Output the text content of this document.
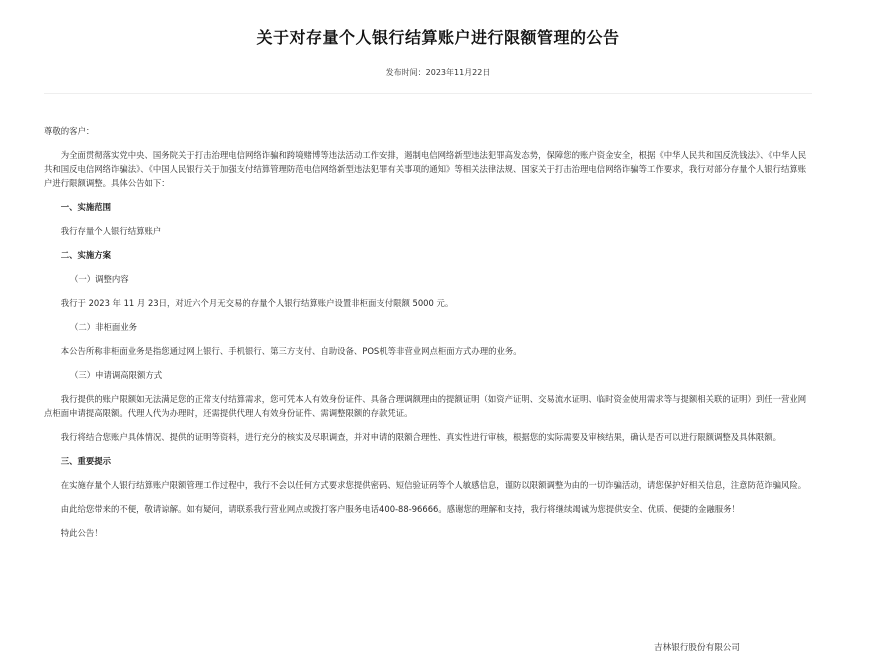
关于对存量个人银行结算账户进行限额管理的公告
发布时间：2023年11月22日

尊敬的客户：

为全面贯彻落实党中央、国务院关于打击治理电信网络诈骗和跨境赌博等违法活动工作安排，遏制电信网络新型违法犯罪高发态势，保障您的账户资金安全，根据《中华人民共和国反洗钱法》、《中华人民共和国反电信网络诈骗法》、《中国人民银行关于加强支付结算管理防范电信网络新型违法犯罪有关事项的通知》等相关法律法规、国家关于打击治理电信网络诈骗等工作要求，我行对部分存量个人银行结算账户进行限额调整。具体公告如下：

一、实施范围

我行存量个人银行结算账户

二、实施方案

（一）调整内容

我行于 2023 年 11 月 23日，对近六个月无交易的存量个人银行结算账户设置非柜面支付限额 5000 元。

（二）非柜面业务

本公告所称非柜面业务是指您通过网上银行、手机银行、第三方支付、自助设备、POS机等非营业网点柜面方式办理的业务。

（三）申请调高限额方式

我行提供的账户限额如无法满足您的正常支付结算需求，您可凭本人有效身份证件、具备合理调额理由的提额证明（如资产证明、交易流水证明、临时资金使用需求等与提额相关联的证明）到任一营业网点柜面申请提高限额。代理人代为办理时，还需提供代理人有效身份证件、需调整限额的存款凭证。

我行将结合您账户具体情况、提供的证明等资料，进行充分的核实及尽职调查，并对申请的限额合理性、真实性进行审核，根据您的实际需要及审核结果，确认是否可以进行限额调整及具体限额。

三、重要提示

在实施存量个人银行结算账户限额管理工作过程中，我行不会以任何方式要求您提供密码、短信验证码等个人敏感信息，谨防以限额调整为由的一切诈骗活动，请您保护好相关信息，注意防范诈骗风险。

由此给您带来的不便，敬请谅解。如有疑问，请联系我行营业网点或拨打客户服务电话400-88-96666。感谢您的理解和支持，我行将继续竭诚为您提供安全、优质、便捷的金融服务！

特此公告！

吉林银行股份有限公司
